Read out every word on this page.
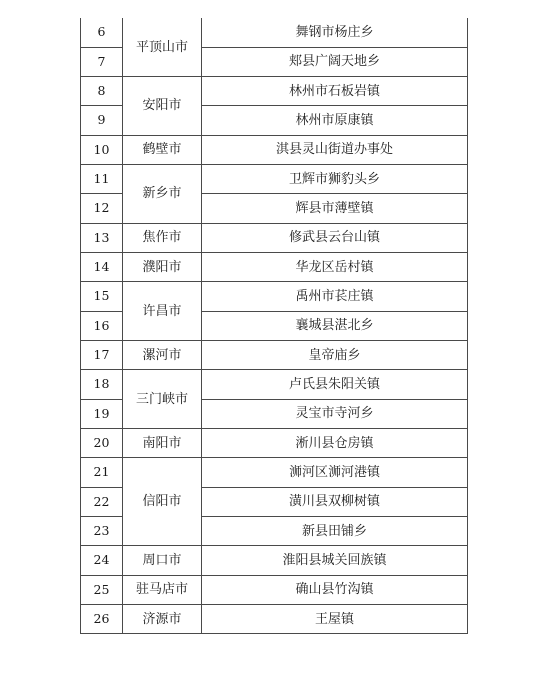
6	平顶山市	舞钢市杨庄乡
7		郏县广阔天地乡
8	安阳市	林州市石板岩镇
9		林州市原康镇
10	鹤壁市	淇县灵山街道办事处
11	新乡市	卫辉市狮豹头乡
12		辉县市薄壁镇
13	焦作市	修武县云台山镇
14	濮阳市	华龙区岳村镇
15	许昌市	禹州市苌庄镇
16		襄城县湛北乡
17	漯河市	皇帝庙乡
18	三门峡市	卢氏县朱阳关镇
19		灵宝市寺河乡
20	南阳市	淅川县仓房镇
21	信阳市	浉河区浉河港镇
22		潢川县双柳树镇
23		新县田铺乡
24	周口市	淮阳县城关回族镇
25	驻马店市	确山县竹沟镇
26	济源市	王屋镇
